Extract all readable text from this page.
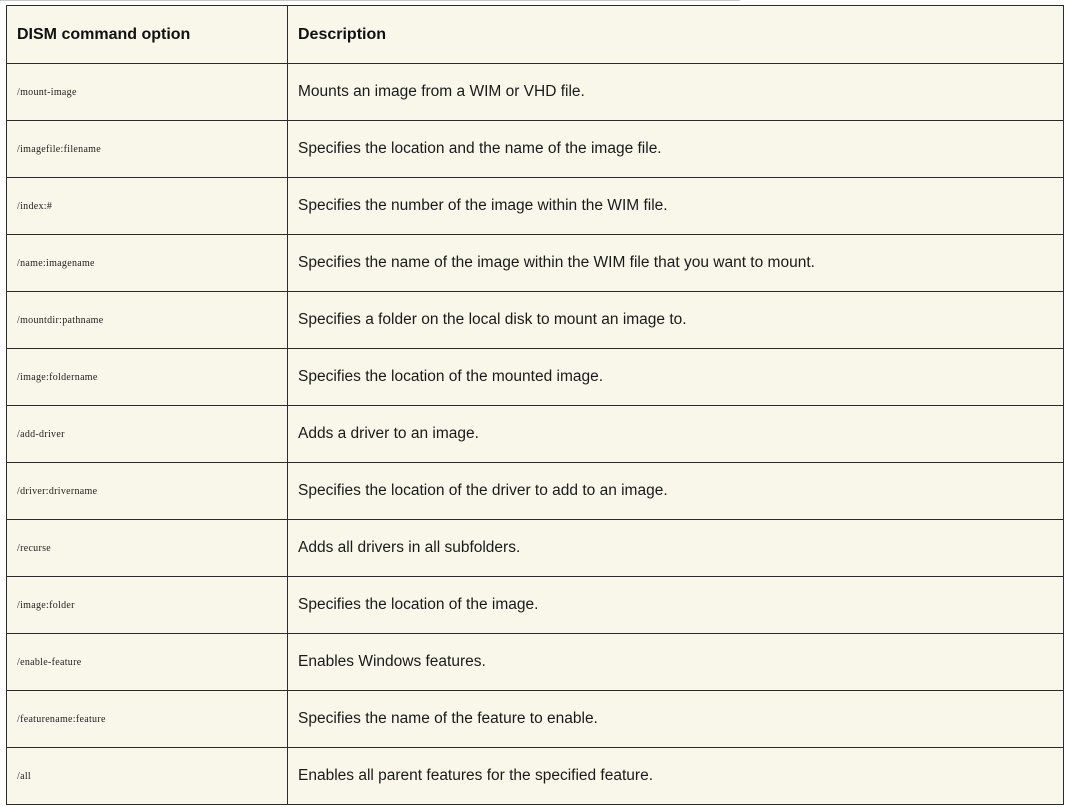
DISM command option	Description
/mount-image	Mounts an image from a WIM or VHD file.
/imagefile:filename	Specifies the location and the name of the image file.
/index:#	Specifies the number of the image within the WIM file.
/name:imagename	Specifies the name of the image within the WIM file that you want to mount.
/mountdir:pathname	Specifies a folder on the local disk to mount an image to.
/image:foldername	Specifies the location of the mounted image.
/add-driver	Adds a driver to an image.
/driver:drivername	Specifies the location of the driver to add to an image.
/recurse	Adds all drivers in all subfolders.
/image:folder	Specifies the location of the image.
/enable-feature	Enables Windows features.
/featurename:feature	Specifies the name of the feature to enable.
/all	Enables all parent features for the specified feature.
